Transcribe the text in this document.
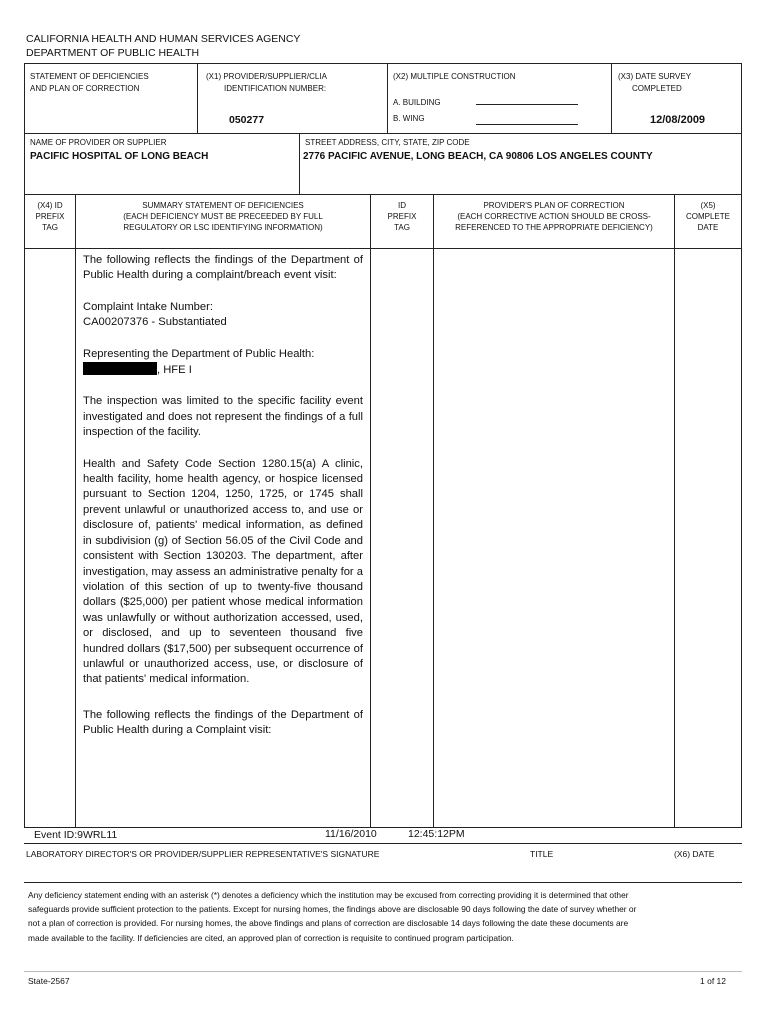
CALIFORNIA HEALTH AND HUMAN SERVICES AGENCY
DEPARTMENT OF PUBLIC HEALTH
STATEMENT OF DEFICIENCIES
AND PLAN OF CORRECTION
(X1) PROVIDER/SUPPLIER/CLIA
IDENTIFICATION NUMBER:
050277
(X2) MULTIPLE CONSTRUCTION
A. BUILDING
B. WING
(X3) DATE SURVEY
COMPLETED
12/08/2009
NAME OF PROVIDER OR SUPPLIER
PACIFIC HOSPITAL OF LONG BEACH
STREET ADDRESS, CITY, STATE, ZIP CODE
2776 PACIFIC AVENUE, LONG BEACH, CA 90806 LOS ANGELES COUNTY
(X4) ID
PREFIX
TAG
SUMMARY STATEMENT OF DEFICIENCIES
(EACH DEFICIENCY MUST BE PRECEEDED BY FULL
REGULATORY OR LSC IDENTIFYING INFORMATION)
ID
PREFIX
TAG
PROVIDER'S PLAN OF CORRECTION
(EACH CORRECTIVE ACTION SHOULD BE CROSS-
REFERENCED TO THE APPROPRIATE DEFICIENCY)
(X5)
COMPLETE
DATE

The following reflects the findings of the Department of Public Health during a complaint/breach event visit:

Complaint Intake Number:
CA00207376 - Substantiated

Representing the Department of Public Health:
, HFE I

The inspection was limited to the specific facility event investigated and does not represent the findings of a full inspection of the facility.

Health and Safety Code Section 1280.15(a) A clinic, health facility, home health agency, or hospice licensed pursuant to Section 1204, 1250, 1725, or 1745 shall prevent unlawful or unauthorized access to, and use or disclosure of, patients' medical information, as defined in subdivision (g) of Section 56.05 of the Civil Code and consistent with Section 130203. The department, after investigation, may assess an administrative penalty for a violation of this section of up to twenty-five thousand dollars ($25,000) per patient whose medical information was unlawfully or without authorization accessed, used, or disclosed, and up to seventeen thousand five hundred dollars ($17,500) per subsequent occurrence of unlawful or unauthorized access, use, or disclosure of that patients' medical information.

The following reflects the findings of the Department of Public Health during a Complaint visit:

Event ID:9WRL11	11/16/2010	12:45:12PM
LABORATORY DIRECTOR'S OR PROVIDER/SUPPLIER REPRESENTATIVE'S SIGNATURE	TITLE	(X6) DATE
Any deficiency statement ending with an asterisk (*) denotes a deficiency which the institution may be excused from correcting providing it is determined that other safeguards provide sufficient protection to the patients. Except for nursing homes, the findings above are disclosable 90 days following the date of survey whether or not a plan of correction is provided. For nursing homes, the above findings and plans of correction are disclosable 14 days following the date these documents are made available to the facility. If deficiencies are cited, an approved plan of correction is requisite to continued program participation.
State-2567	1 of 12
